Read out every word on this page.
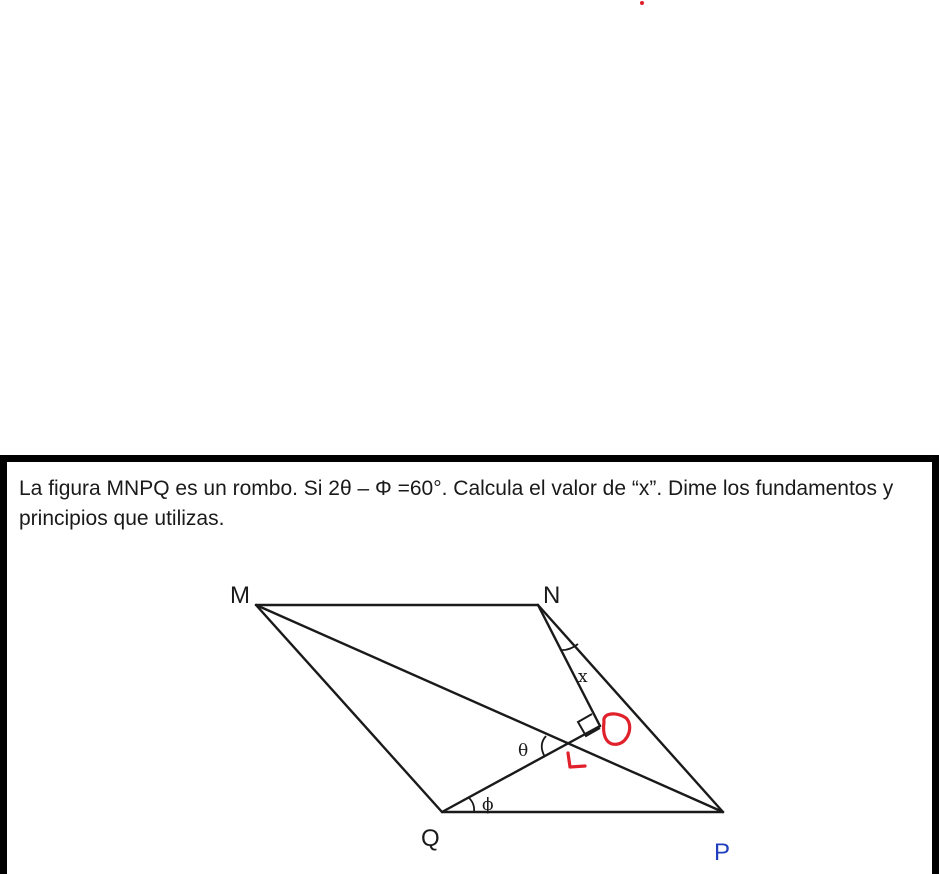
La figura MNPQ es un rombo. Si 2θ – Φ =60°. Calcula el valor de “x”. Dime los fundamentos y principios que utilizas.

M	N
Q
P
x
θ
ϕ
